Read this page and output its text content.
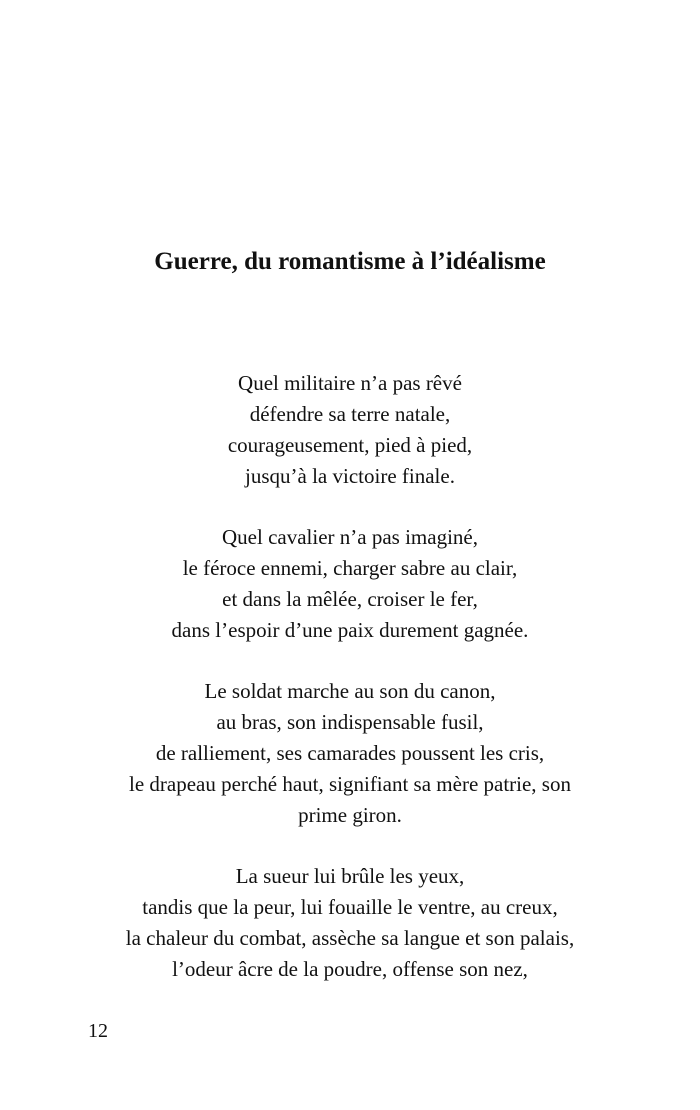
Guerre, du romantisme à l’idéalisme
Quel militaire n’a pas rêvé
défendre sa terre natale,
courageusement, pied à pied,
jusqu’à la victoire finale.
Quel cavalier n’a pas imaginé,
le féroce ennemi, charger sabre au clair,
et dans la mêlée, croiser le fer,
dans l’espoir d’une paix durement gagnée.
Le soldat marche au son du canon,
au bras, son indispensable fusil,
de ralliement, ses camarades poussent les cris,
le drapeau perché haut, signifiant sa mère patrie, son
prime giron.
La sueur lui brûle les yeux,
tandis que la peur, lui fouaille le ventre, au creux,
la chaleur du combat, assèche sa langue et son palais,
l’odeur âcre de la poudre, offense son nez,
12
